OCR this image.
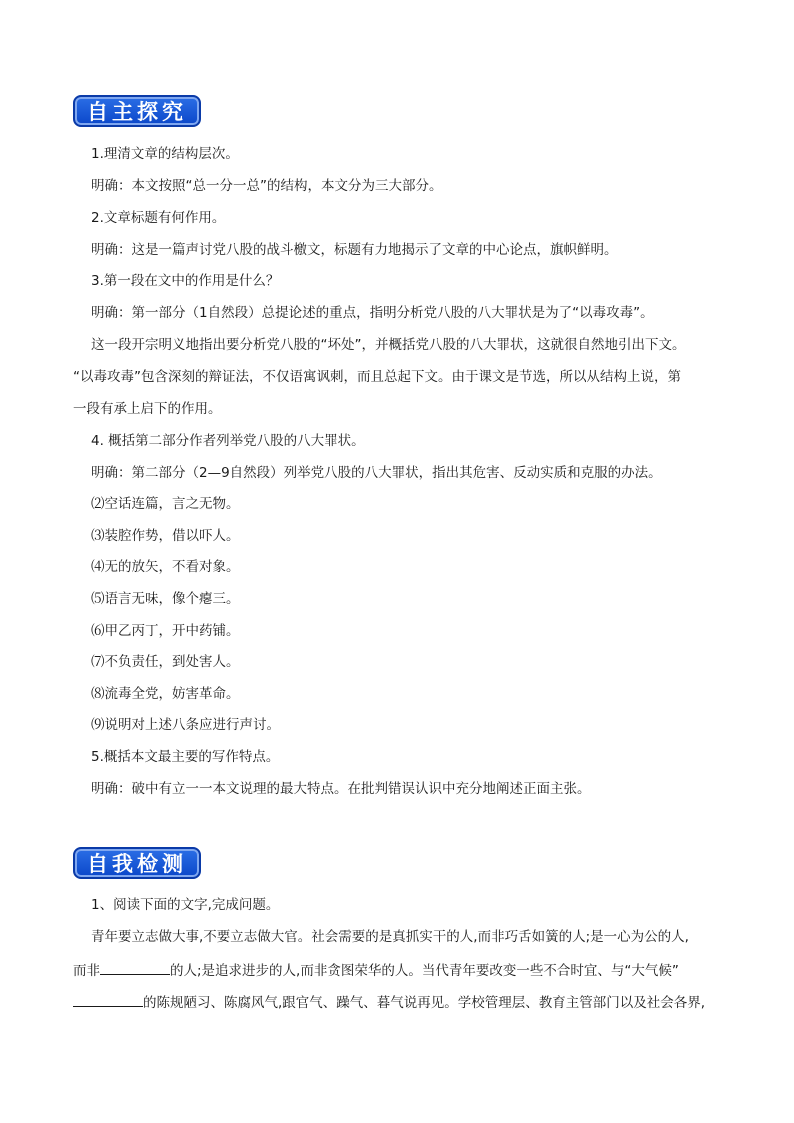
自主探究
1.理清文章的结构层次。
明确：本文按照“总一分一总”的结构，本文分为三大部分。
2.文章标题有何作用。
明确：这是一篇声讨党八股的战斗檄文，标题有力地揭示了文章的中心论点，旗帜鲜明。
3.第一段在文中的作用是什么？
明确：第一部分（1自然段）总提论述的重点，指明分析党八股的八大罪状是为了“以毒攻毒”。
这一段开宗明义地指出要分析党八股的“坏处”，并概括党八股的八大罪状，这就很自然地引出下文。
“以毒攻毒”包含深刻的辩证法，不仅语寓讽刺，而且总起下文。由于课文是节选，所以从结构上说，第
一段有承上启下的作用。
4. 概括第二部分作者列举党八股的八大罪状。
明确：第二部分（2—9自然段）列举党八股的八大罪状，指出其危害、反动实质和克服的办法。
⑵空话连篇，言之无物。
⑶装腔作势，借以吓人。
⑷无的放矢，不看对象。
⑸语言无味，像个瘪三。
⑹甲乙丙丁，开中药铺。
⑺不负责任，到处害人。
⑻流毒全党，妨害革命。
⑼说明对上述八条应进行声讨。
5.概括本文最主要的写作特点。
明确：破中有立一一本文说理的最大特点。在批判错误认识中充分地阐述正面主张。
自我检测
1、阅读下面的文字,完成问题。
青年要立志做大事,不要立志做大官。社会需要的是真抓实干的人,而非巧舌如簧的人;是一心为公的人,
而非	的人;是追求进步的人,而非贪图荣华的人。当代青年要改变一些不合时宜、与“大气候”
的陈规陋习、陈腐风气,跟官气、躁气、暮气说再见。学校管理层、教育主管部门以及社会各界,
